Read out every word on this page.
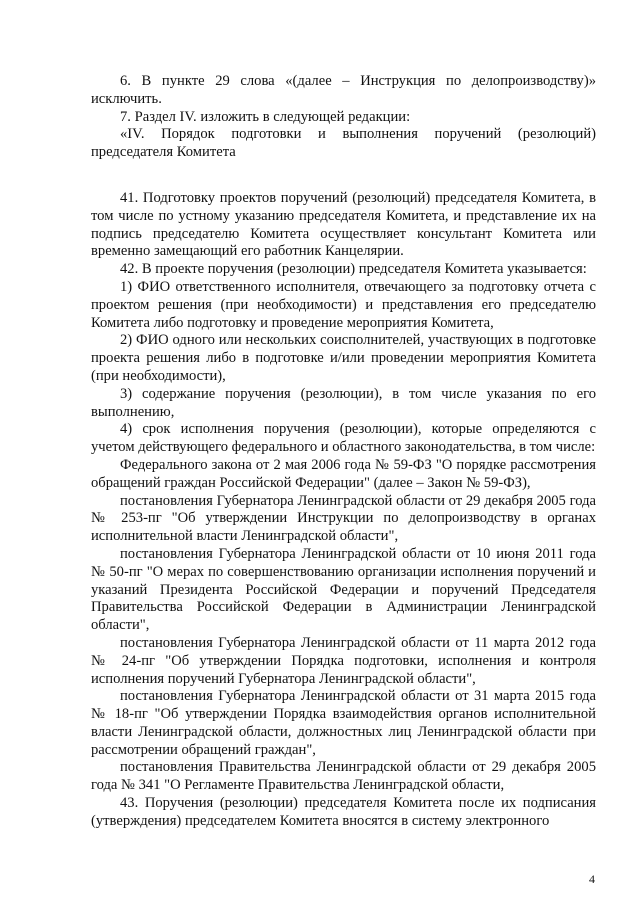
6. В пункте 29 слова «(далее – Инструкция по делопроизводству)» исключить.

7. Раздел IV. изложить в следующей редакции:

«IV. Порядок подготовки и выполнения поручений (резолюций) председателя Комитета

41. Подготовку проектов поручений (резолюций) председателя Комитета, в том числе по устному указанию председателя Комитета, и представление их на подпись председателю Комитета осуществляет консультант Комитета или временно замещающий его работник Канцелярии.

42. В проекте поручения (резолюции) председателя Комитета указывается:

1) ФИО ответственного исполнителя, отвечающего за подготовку отчета с проектом решения (при необходимости) и представления его председателю Комитета либо подготовку и проведение мероприятия Комитета,

2) ФИО одного или нескольких соисполнителей, участвующих в подготовке проекта решения либо в подготовке и/или проведении мероприятия Комитета (при необходимости),

3) содержание поручения (резолюции), в том числе указания по его выполнению,

4) срок исполнения поручения (резолюции), которые определяются с учетом действующего федерального и областного законодательства, в том числе:

Федерального закона от 2 мая 2006 года № 59-ФЗ "О порядке рассмотрения обращений граждан Российской Федерации" (далее – Закон № 59-ФЗ),

постановления Губернатора Ленинградской области от 29 декабря 2005 года № 253-пг "Об утверждении Инструкции по делопроизводству в органах исполнительной власти Ленинградской области",

постановления Губернатора Ленинградской области от 10 июня 2011 года № 50-пг "О мерах по совершенствованию организации исполнения поручений и указаний Президента Российской Федерации и поручений Председателя Правительства Российской Федерации в Администрации Ленинградской области",

постановления Губернатора Ленинградской области от 11 марта 2012 года № 24-пг "Об утверждении Порядка подготовки, исполнения и контроля исполнения поручений Губернатора Ленинградской области",

постановления Губернатора Ленинградской области от 31 марта 2015 года № 18-пг "Об утверждении Порядка взаимодействия органов исполнительной власти Ленинградской области, должностных лиц Ленинградской области при рассмотрении обращений граждан",

постановления Правительства Ленинградской области от 29 декабря 2005 года № 341 "О Регламенте Правительства Ленинградской области,

43. Поручения (резолюции) председателя Комитета после их подписания (утверждения) председателем Комитета вносятся в систему электронного

4
